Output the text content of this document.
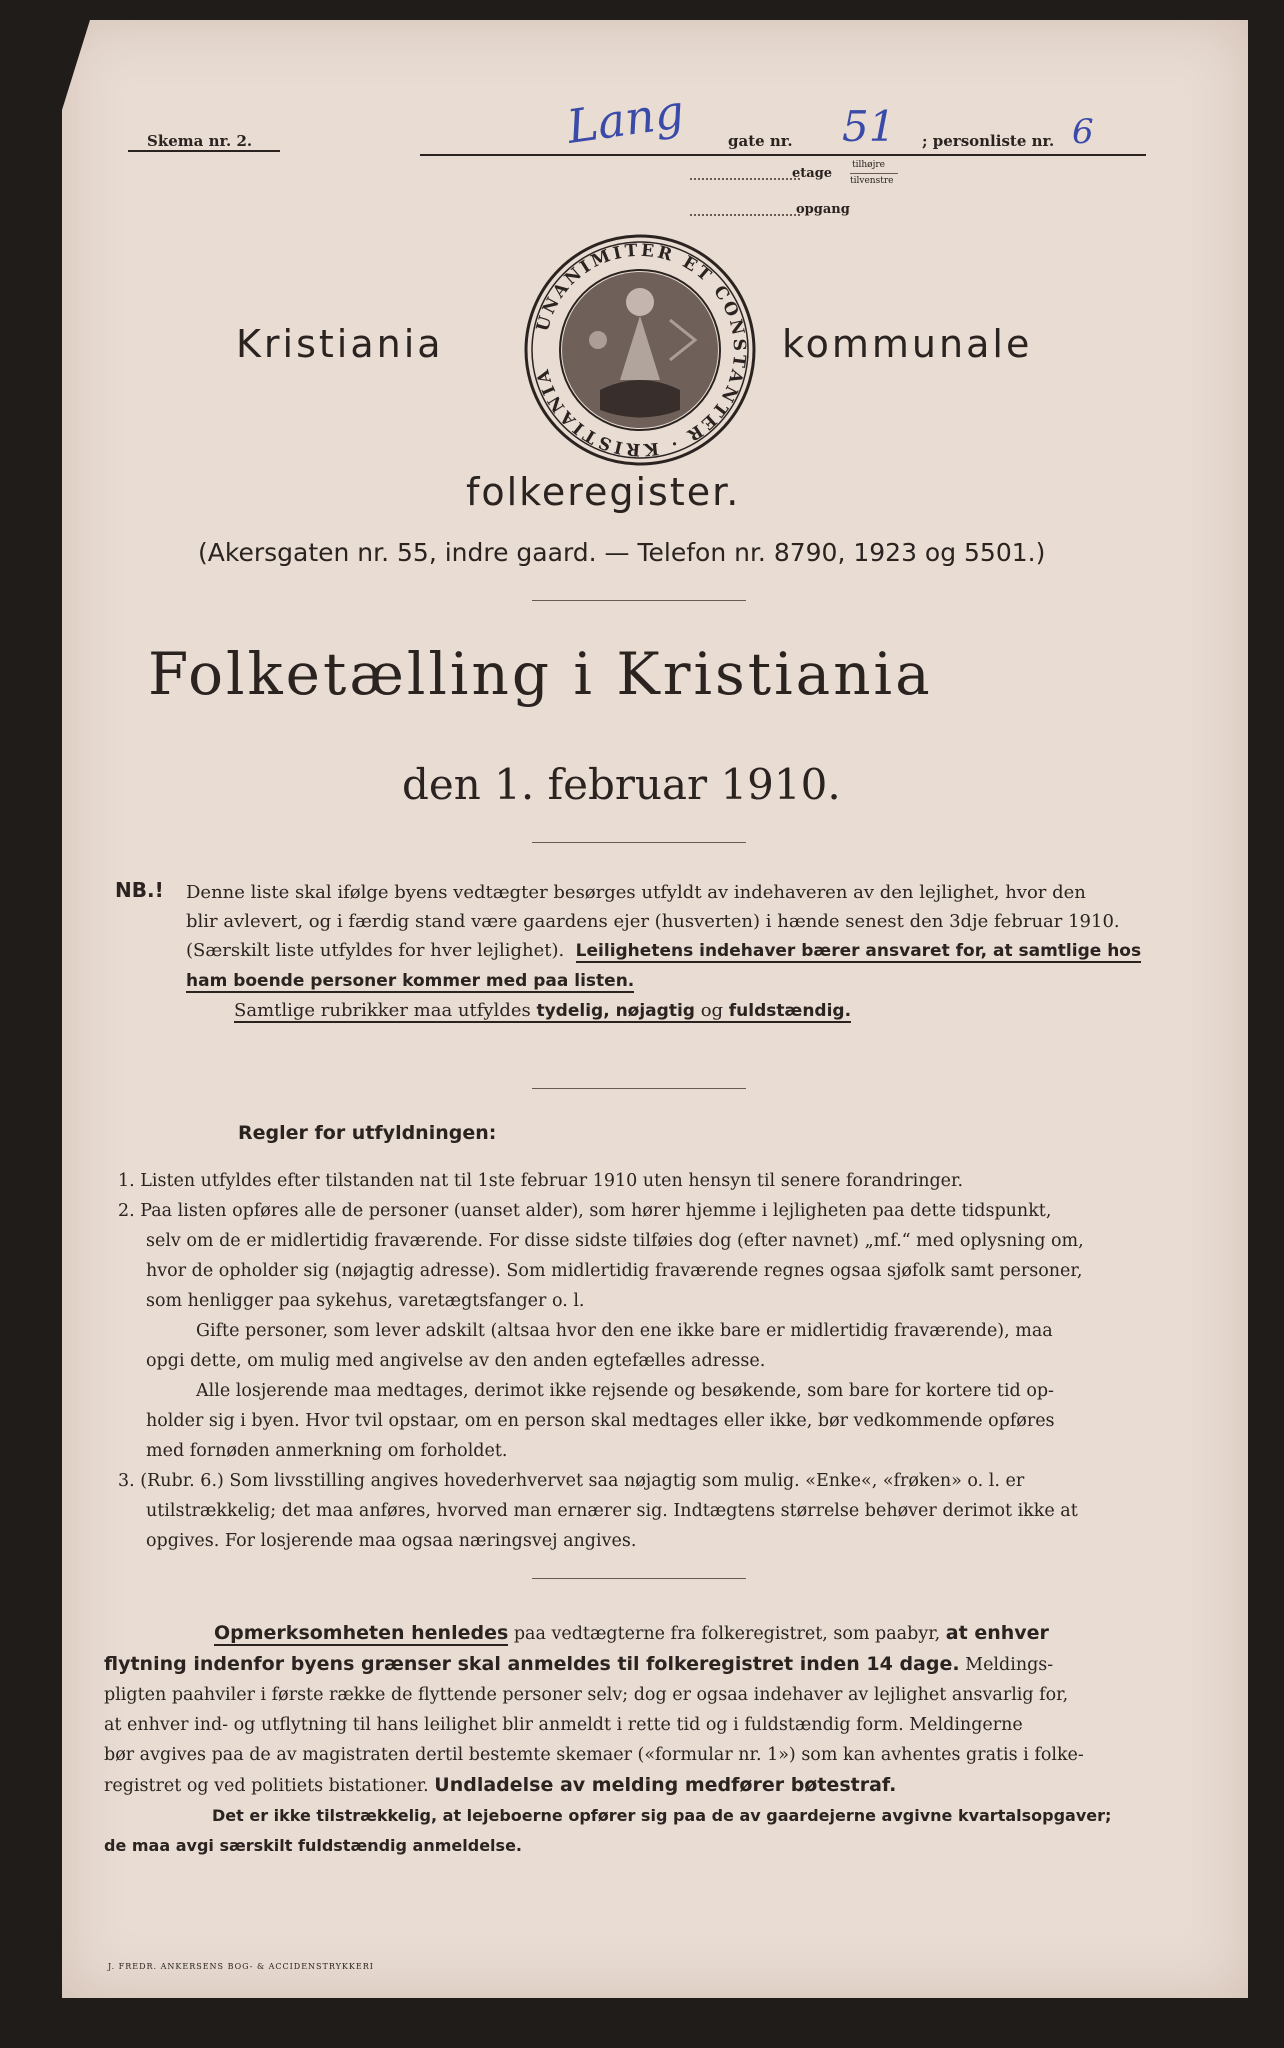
Skema nr. 2.	Lang	gate nr. 51 ; personliste nr. 6
etage
tilhøjre
tilvenstre
opgang
UNANIMITER ET CONSTANTER · KRISTIANIA
Kristiania	kommunale
folkeregister.
(Akersgaten nr. 55, indre gaard. — Telefon nr. 8790, 1923 og 5501.)
Folketælling i Kristiania
den 1. februar 1910.
NB.! Denne liste skal ifølge byens vedtægter besørges utfyldt av indehaveren av den lejlighet, hvor den
blir avlevert, og i færdig stand være gaardens ejer (husverten) i hænde senest den 3dje februar 1910.
(Særskilt liste utfyldes for hver lejlighet). Leilighetens indehaver bærer ansvaret for, at samtlige hos
ham boende personer kommer med paa listen.
Samtlige rubrikker maa utfyldes tydelig, nøjagtig og fuldstændig.
Regler for utfyldningen:
1. Listen utfyldes efter tilstanden nat til 1ste februar 1910 uten hensyn til senere forandringer.
2. Paa listen opføres alle de personer (uanset alder), som hører hjemme i lejligheten paa dette tidspunkt,
selv om de er midlertidig fraværende. For disse sidste tilføies dog (efter navnet) „mf.“ med oplysning om,
hvor de opholder sig (nøjagtig adresse). Som midlertidig fraværende regnes ogsaa sjøfolk samt personer,
som henligger paa sykehus, varetægtsfanger o. l.
Gifte personer, som lever adskilt (altsaa hvor den ene ikke bare er midlertidig fraværende), maa
opgi dette, om mulig med angivelse av den anden egtefælles adresse.
Alle losjerende maa medtages, derimot ikke rejsende og besøkende, som bare for kortere tid op-
holder sig i byen. Hvor tvil opstaar, om en person skal medtages eller ikke, bør vedkommende opføres
med fornøden anmerkning om forholdet.
3. (Rubr. 6.) Som livsstilling angives hovederhvervet saa nøjagtig som mulig. «Enke«, «frøken» o. l. er
utilstrækkelig; det maa anføres, hvorved man ernærer sig. Indtægtens størrelse behøver derimot ikke at
opgives. For losjerende maa ogsaa næringsvej angives.
Opmerksomheten henledes paa vedtægterne fra folkeregistret, som paabyr, at enhver
flytning indenfor byens grænser skal anmeldes til folkeregistret inden 14 dage. Meldings-
pligten paahviler i første række de flyttende personer selv; dog er ogsaa indehaver av lejlighet ansvarlig for,
at enhver ind- og utflytning til hans leilighet blir anmeldt i rette tid og i fuldstændig form. Meldingerne
bør avgives paa de av magistraten dertil bestemte skemaer («formular nr. 1») som kan avhentes gratis i folke-
registret og ved politiets bistationer. Undladelse av melding medfører bøtestraf.
Det er ikke tilstrækkelig, at lejeboerne opfører sig paa de av gaardejerne avgivne kvartalsopgaver;
de maa avgi særskilt fuldstændig anmeldelse.
J. FREDR. ANKERSENS BOG- & ACCIDENSTRYKKERI
